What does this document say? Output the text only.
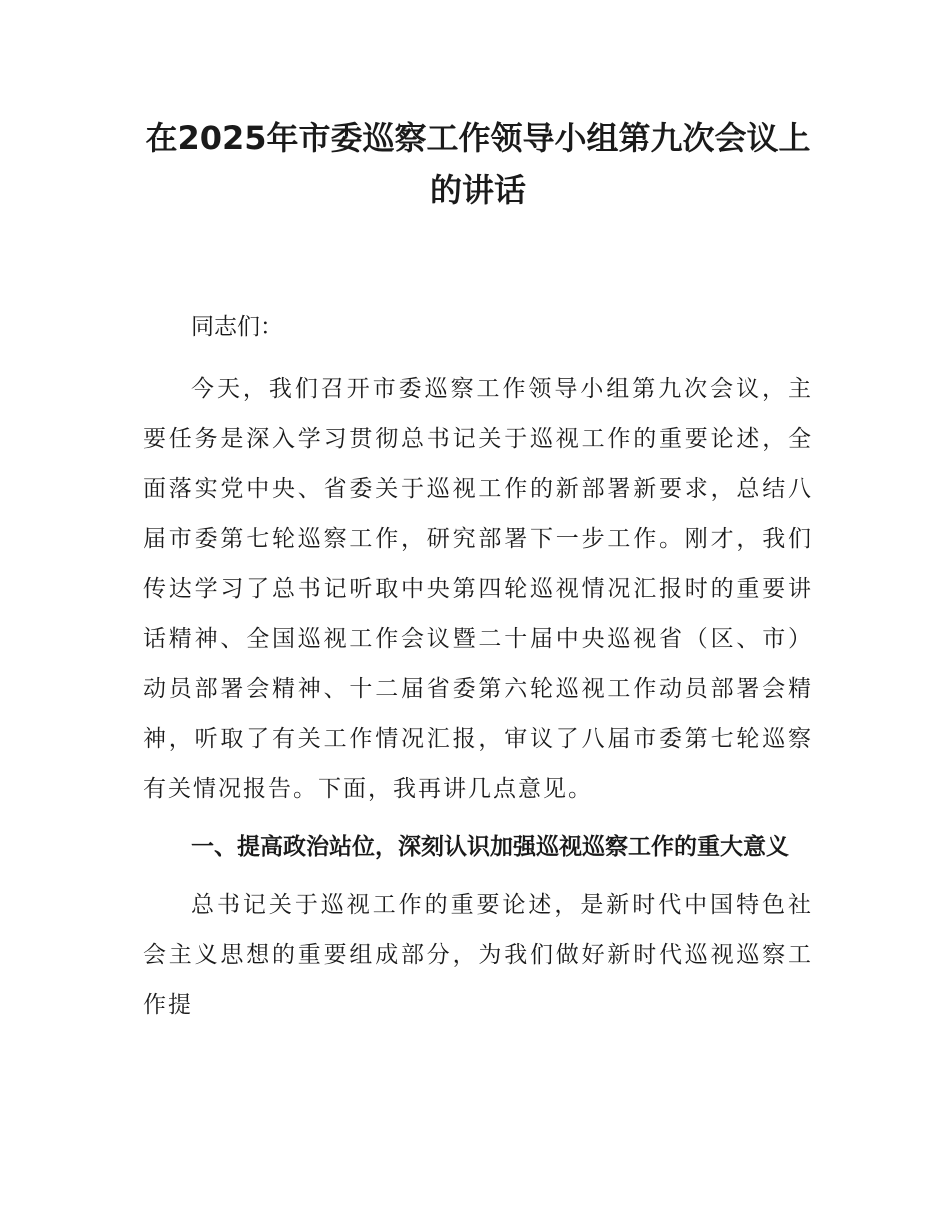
在2025年市委巡察工作领导小组第九次会议上的讲话

同志们：

今天，我们召开市委巡察工作领导小组第九次会议，主要任务是深入学习贯彻总书记关于巡视工作的重要论述，全面落实党中央、省委关于巡视工作的新部署新要求，总结八届市委第七轮巡察工作，研究部署下一步工作。刚才，我们传达学习了总书记听取中央第四轮巡视情况汇报时的重要讲话精神、全国巡视工作会议暨二十届中央巡视省（区、市）动员部署会精神、十二届省委第六轮巡视工作动员部署会精神，听取了有关工作情况汇报，审议了八届市委第七轮巡察有关情况报告。下面，我再讲几点意见。

一、提高政治站位，深刻认识加强巡视巡察工作的重大意义

总书记关于巡视工作的重要论述，是新时代中国特色社会主义思想的重要组成部分，为我们做好新时代巡视巡察工作提
